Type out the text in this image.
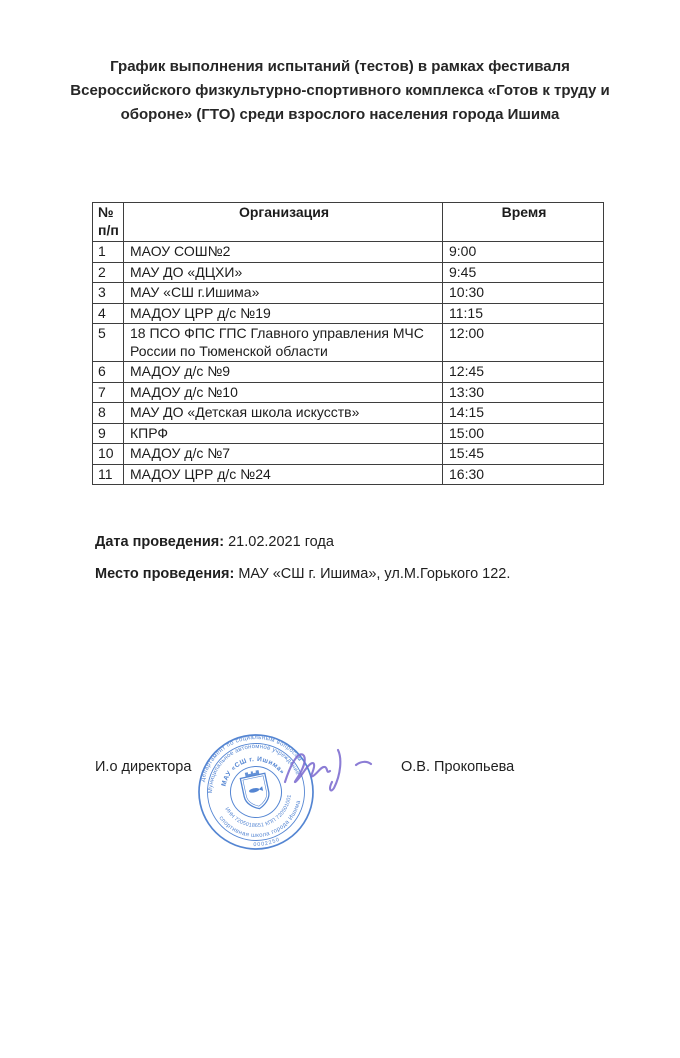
График выполнения испытаний (тестов) в рамках фестиваля
Всероссийского физкультурно-спортивного комплекса «Готов к труду и
обороне» (ГТО) среди взрослого населения города Ишима
№ п/п	Организация	Время
1	МАОУ СОШ№2	9:00
2	МАУ ДО «ДЦХИ»	9:45
3	МАУ «СШ г.Ишима»	10:30
4	МАДОУ ЦРР д/с №19	11:15
5	18 ПСО ФПС ГПС Главного управления МЧС России по Тюменской области	12:00
6	МАДОУ д/с №9	12:45
7	МАДОУ д/с №10	13:30
8	МАУ ДО «Детская школа искусств»	14:15
9	КПРФ	15:00
10	МАДОУ д/с №7	15:45
11	МАДОУ ЦРР д/с №24	16:30
Дата проведения: 21.02.2021 года
Место проведения: МАУ «СШ г. Ишима», ул.М.Горького 122.
И.о директора	О.В. Прокопьева
Департамент по социальным вопросам
Муниципальное автономное учреждение
МАУ «СШ г. Ишима»
ИНН 7205018651 КПП 720501001
спортивная школа города Ишима
0002250
